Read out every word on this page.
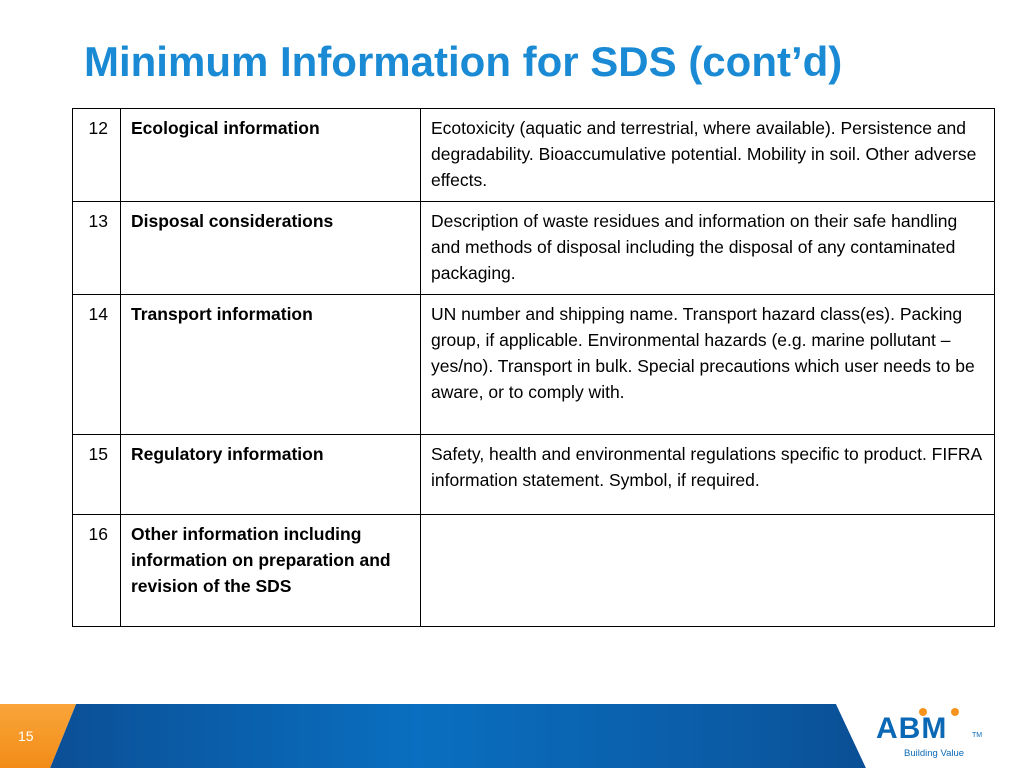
Minimum Information for SDS (cont’d)
12	Ecological information	Ecotoxicity (aquatic and terrestrial, where available). Persistence and degradability. Bioaccumulative potential. Mobility in soil. Other adverse effects.
13	Disposal considerations	Description of waste residues and information on their safe handling and methods of disposal including the disposal of any contaminated packaging.
14	Transport information	UN number and shipping name. Transport hazard class(es). Packing group, if applicable. Environmental hazards (e.g. marine pollutant – yes/no). Transport in bulk. Special precautions which user needs to be aware, or to comply with.
15	Regulatory information	Safety, health and environmental regulations specific to product. FIFRA information statement. Symbol, if required.
16	Other information including information on preparation and revision of the SDS	
15	ABM	TM
Building Value
